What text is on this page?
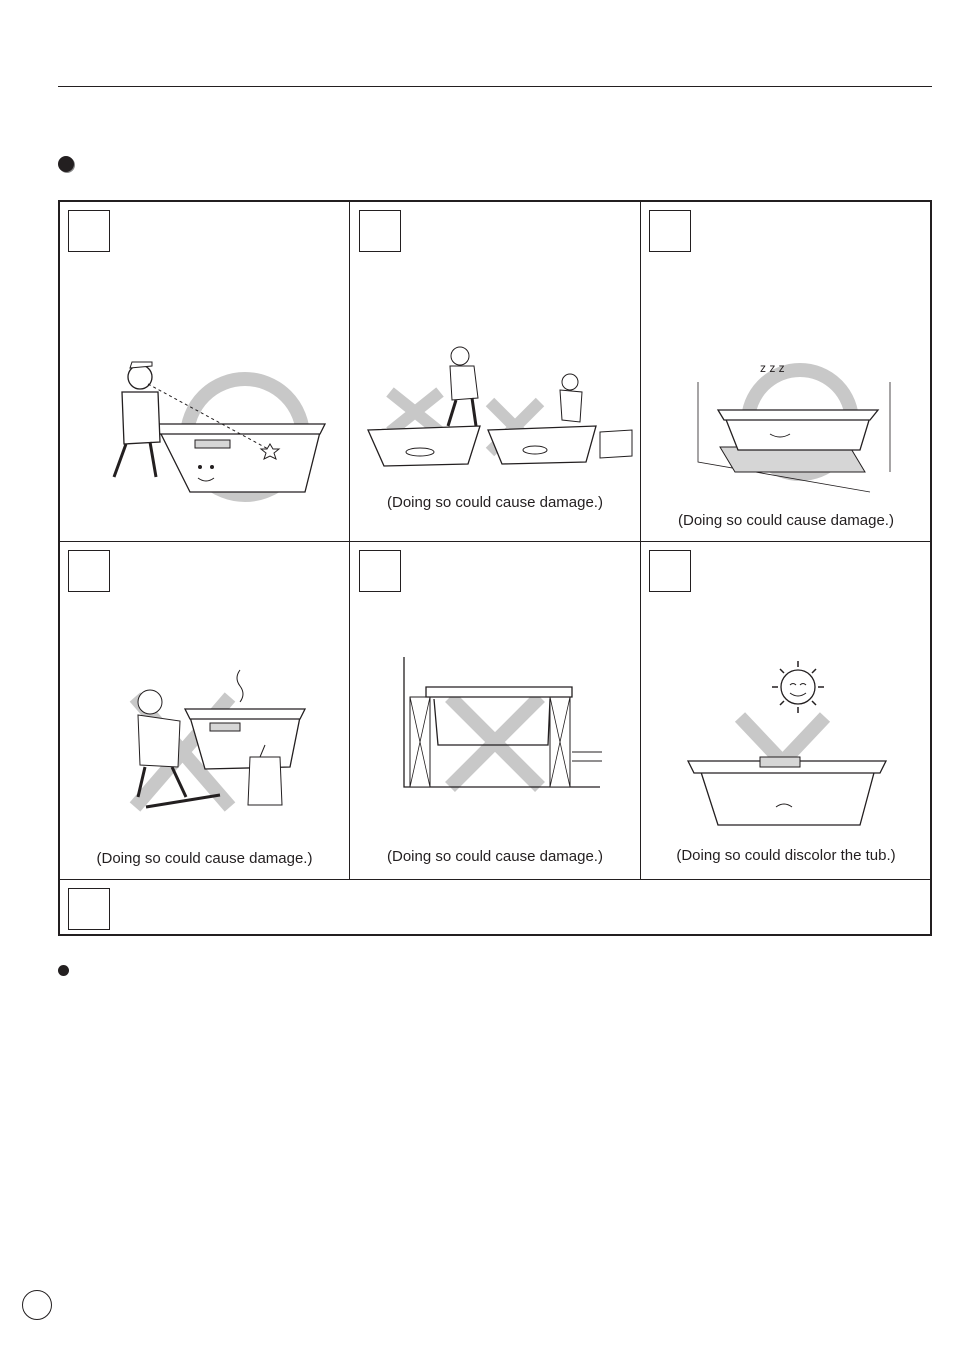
(Doing so could cause damage.)
z z z
(Doing so could cause damage.)
(Doing so could cause damage.)	(Doing so could cause damage.)	(Doing so could discolor the tub.)
